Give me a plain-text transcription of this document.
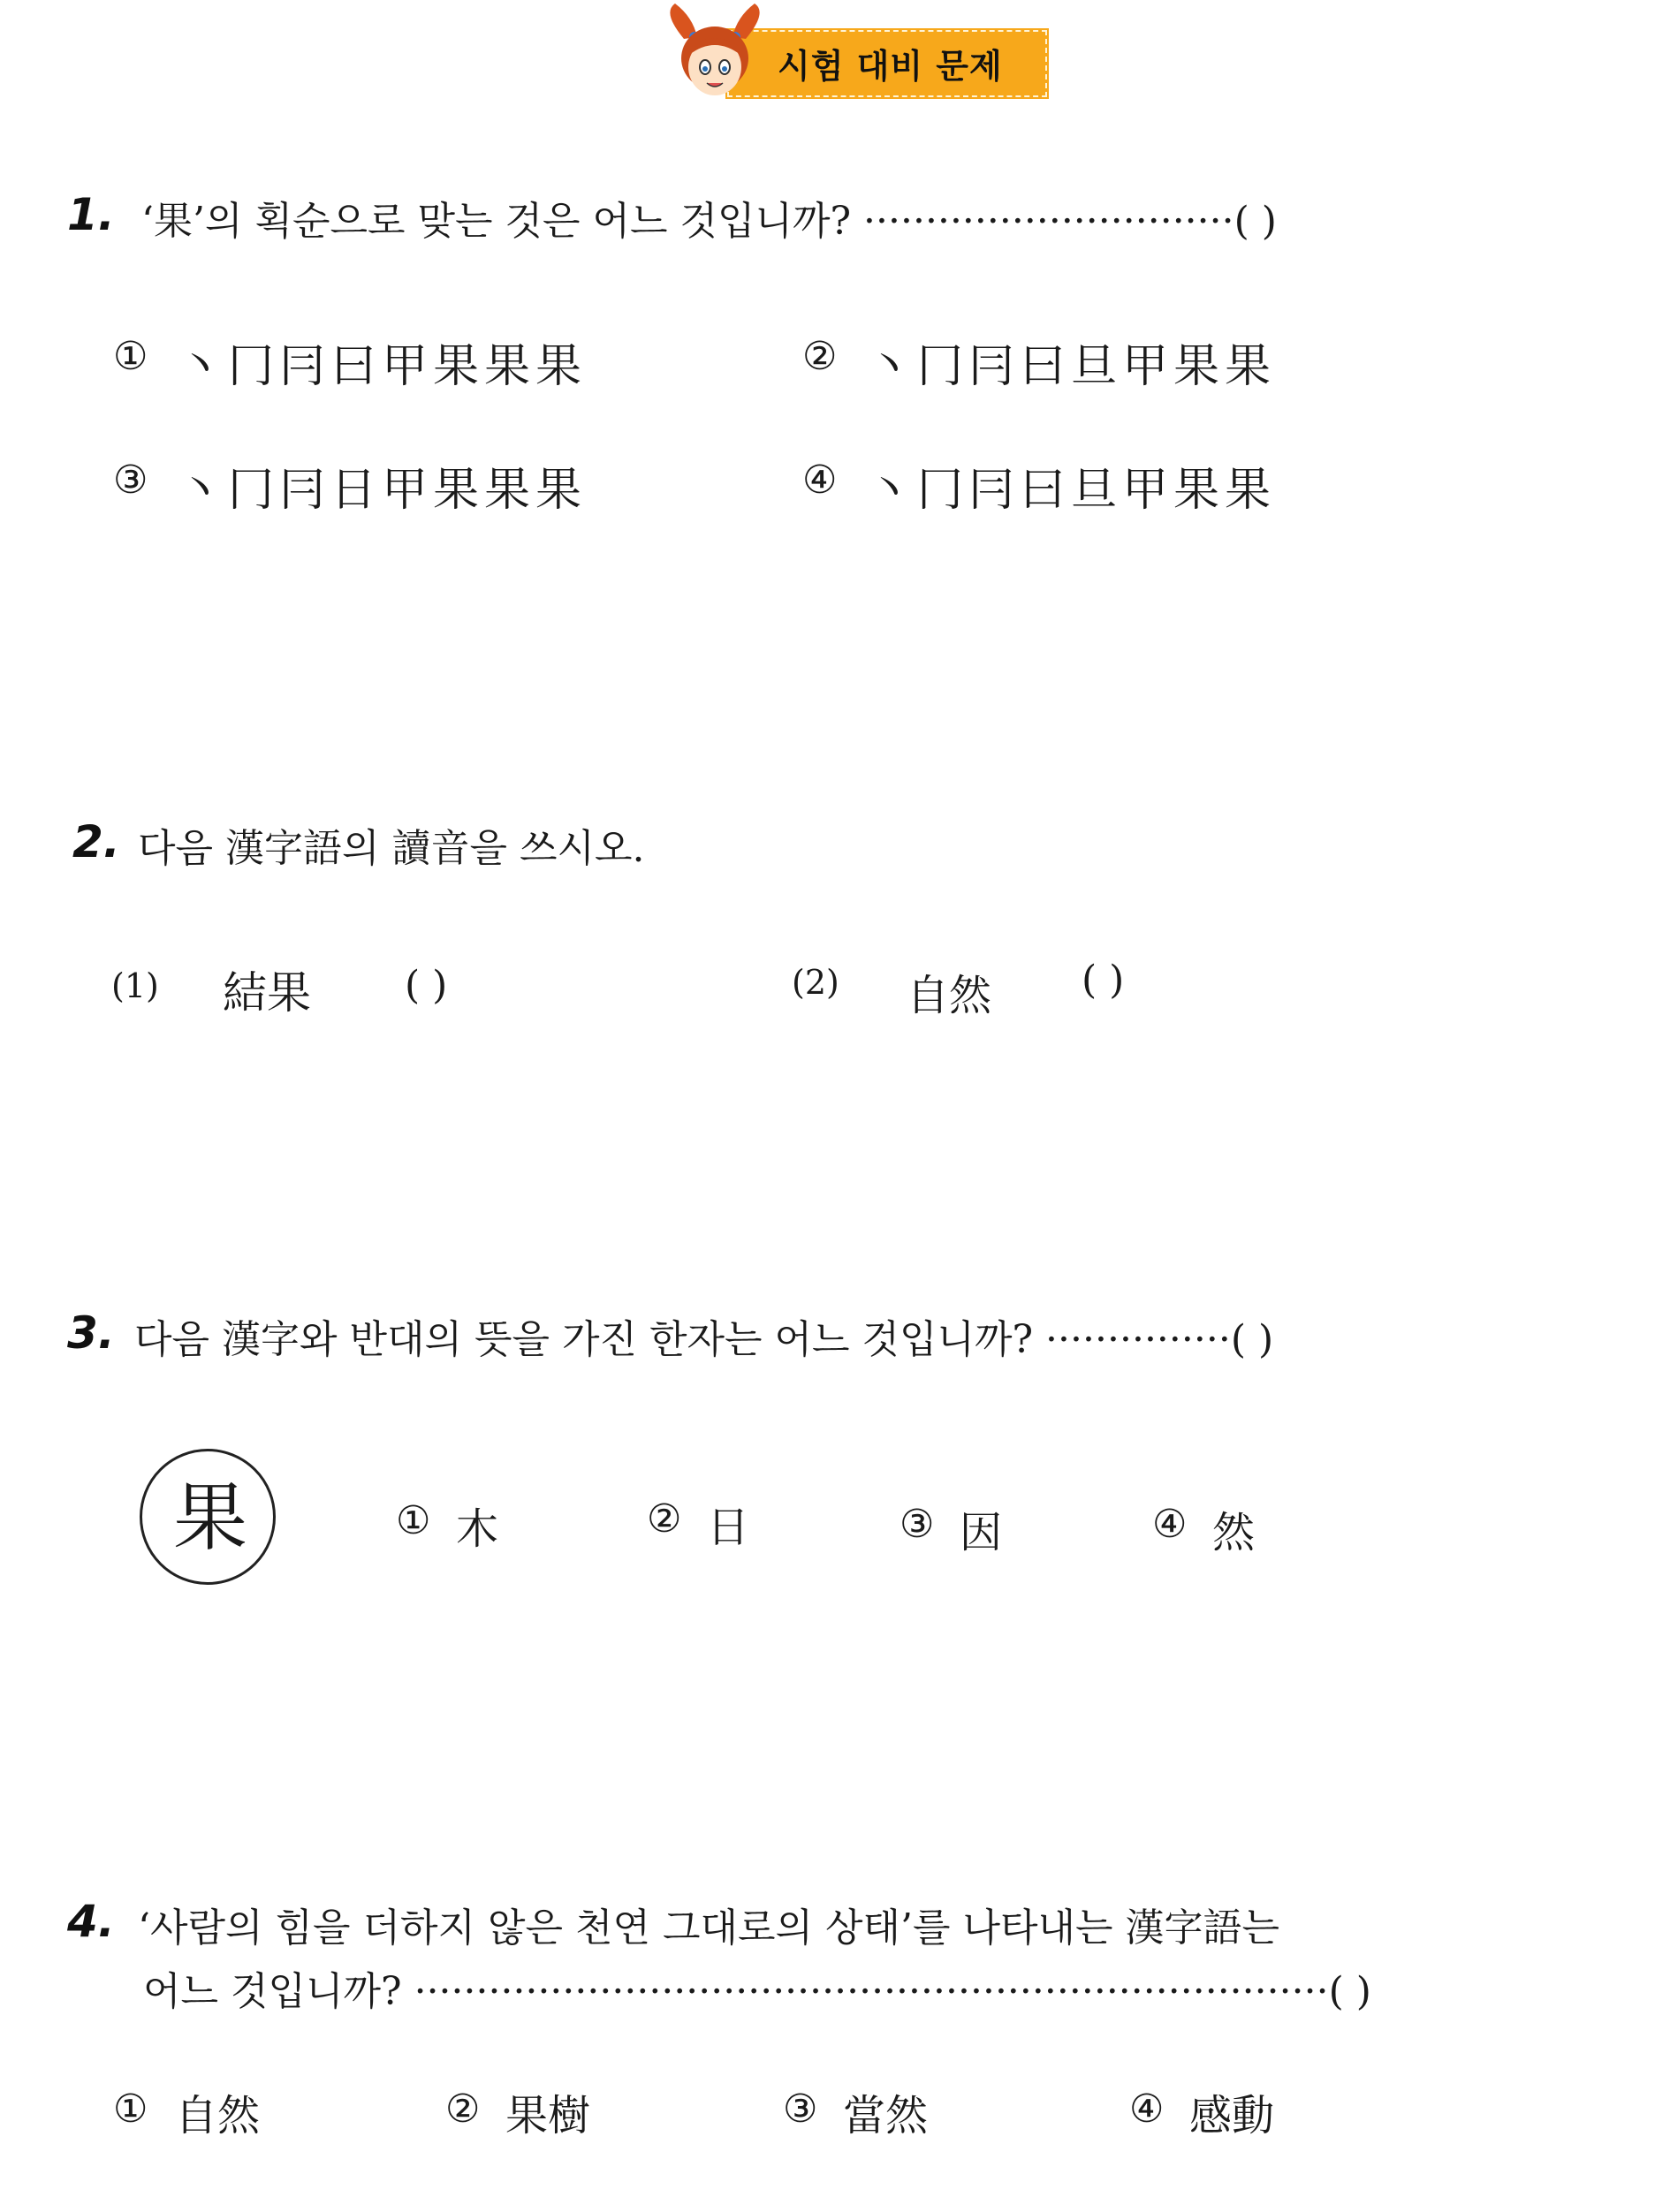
시험 대비 문제
1. ‘果’의 획순으로 맞는 것은 어느 것입니까? ······························( )
① 丶冂冃曰甲果果果	② 丶冂冃曰旦甲果果
③ 丶冂冃日甲果果果	④ 丶冂冃曰旦甲果果
2. 다음 漢字語의 讀音을 쓰시오.
(1) 結果 ( )	(2) 自然 ( )
3. 다음 漢字와 반대의 뜻을 가진 한자는 어느 것입니까? ···············( )
果	① 木	② 日	③ 因	④ 然
4. ‘사람의 힘을 더하지 않은 천연 그대로의 상태’를 나타내는 漢字語는
어느 것입니까? ··········································································( )
① 自然	② 果樹	③ 當然	④ 感動
